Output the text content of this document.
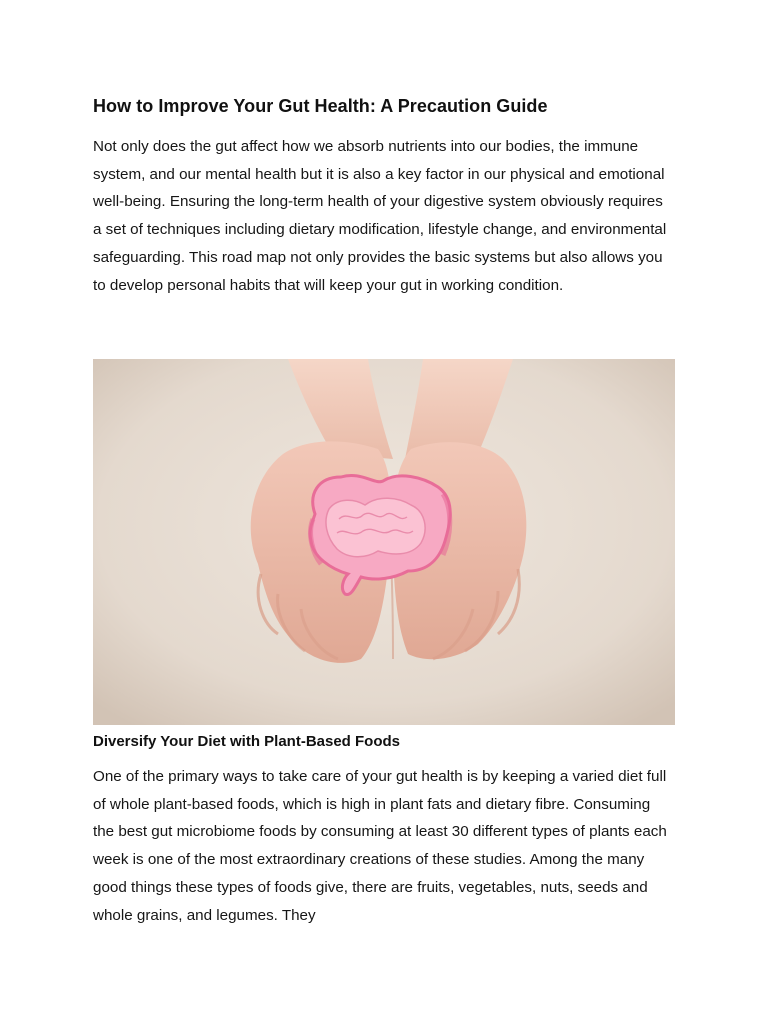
How to Improve Your Gut Health: A Precaution Guide

Not only does the gut affect how we absorb nutrients into our bodies, the immune system, and our mental health but it is also a key factor in our physical and emotional well-being. Ensuring the long-term health of your digestive system obviously requires a set of techniques including dietary modification, lifestyle change, and environmental safeguarding. This road map not only provides the basic systems but also allows you to develop personal habits that will keep your gut in working condition.

Diversify Your Diet with Plant-Based Foods

One of the primary ways to take care of your gut health is by keeping a varied diet full of whole plant-based foods, which is high in plant fats and dietary fibre. Consuming the best gut microbiome foods by consuming at least 30 different types of plants each week is one of the most extraordinary creations of these studies. Among the many good things these types of foods give, there are fruits, vegetables, nuts, seeds and whole grains, and legumes. They
